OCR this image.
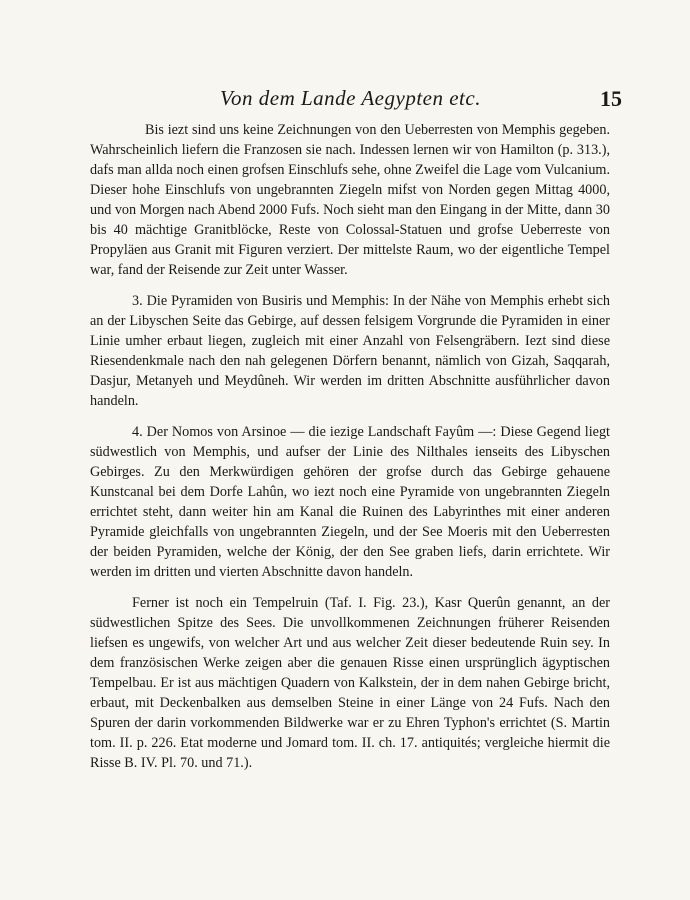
Von dem Lande Aegypten etc.	15

Bis iezt sind uns keine Zeichnungen von den Ueberresten von Memphis gegeben. Wahrscheinlich liefern die Franzosen sie nach. Indessen lernen wir von Hamilton (p. 313.), dafs man allda noch einen grofsen Einschlufs sehe, ohne Zweifel die Lage vom Vulcanium. Dieser hohe Einschlufs von ungebrannten Ziegeln mifst von Norden gegen Mittag 4000, und von Morgen nach Abend 2000 Fufs. Noch sieht man den Eingang in der Mitte, dann 30 bis 40 mächtige Granitblöcke, Reste von Colossal-Statuen und grofse Ueberreste von Propyläen aus Granit mit Figuren verziert. Der mittelste Raum, wo der eigentliche Tempel war, fand der Reisende zur Zeit unter Wasser.

3. Die Pyramiden von Busiris und Memphis: In der Nähe von Memphis erhebt sich an der Libyschen Seite das Gebirge, auf dessen felsigem Vorgrunde die Pyramiden in einer Linie umher erbaut liegen, zugleich mit einer Anzahl von Felsengräbern. Iezt sind diese Riesendenkmale nach den nah gelegenen Dörfern benannt, nämlich von Gizah, Saqqarah, Dasjur, Metanyeh und Meydûneh. Wir werden im dritten Abschnitte ausführlicher davon handeln.

4. Der Nomos von Arsinoe — die iezige Landschaft Fayûm —: Diese Gegend liegt südwestlich von Memphis, und aufser der Linie des Nilthales ienseits des Libyschen Gebirges. Zu den Merkwürdigen gehören der grofse durch das Gebirge gehauene Kunstcanal bei dem Dorfe Lahûn, wo iezt noch eine Pyramide von ungebrannten Ziegeln errichtet steht, dann weiter hin am Kanal die Ruinen des Labyrinthes mit einer anderen Pyramide gleichfalls von ungebrannten Ziegeln, und der See Moeris mit den Ueberresten der beiden Pyramiden, welche der König, der den See graben liefs, darin errichtete. Wir werden im dritten und vierten Abschnitte davon handeln.

Ferner ist noch ein Tempelruin (Taf. I. Fig. 23.), Kasr Querûn genannt, an der südwestlichen Spitze des Sees. Die unvollkommenen Zeichnungen früherer Reisenden liefsen es ungewifs, von welcher Art und aus welcher Zeit dieser bedeutende Ruin sey. In dem französischen Werke zeigen aber die genauen Risse einen ursprünglich ägyptischen Tempelbau. Er ist aus mächtigen Quadern von Kalkstein, der in dem nahen Gebirge bricht, erbaut, mit Deckenbalken aus demselben Steine in einer Länge von 24 Fufs. Nach den Spuren der darin vorkommenden Bildwerke war er zu Ehren Typhon's errichtet (S. Martin tom. II. p. 226. Etat moderne und Jomard tom. II. ch. 17. antiquités; vergleiche hiermit die Risse B. IV. Pl. 70. und 71.).
